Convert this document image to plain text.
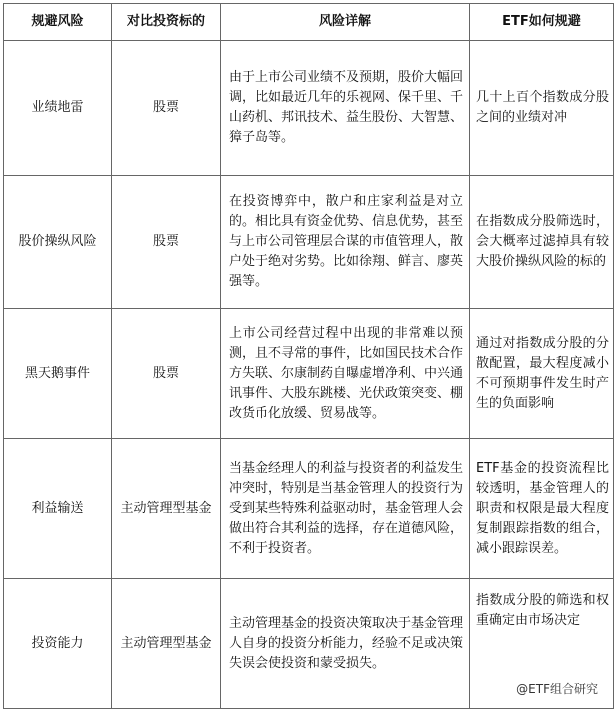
规避风险	对比投资标的	风险详解	ETF如何规避
业绩地雷	股票	由于上市公司业绩不及预期，股价大幅回调，比如最近几年的乐视网、保千里、千山药机、邦讯技术、益生股份、大智慧、獐子岛等。	几十上百个指数成分股之间的业绩对冲
股价操纵风险	股票	在投资博弈中，散户和庄家利益是对立的。相比具有资金优势、信息优势，甚至与上市公司管理层合谋的市值管理人，散户处于绝对劣势。比如徐翔、鲜言、廖英强等。	在指数成分股筛选时，会大概率过滤掉具有较大股价操纵风险的标的
黑天鹅事件	股票	上市公司经营过程中出现的非常难以预测，且不寻常的事件，比如国民技术合作方失联、尔康制药自曝虚增净利、中兴通讯事件、大股东跳楼、光伏政策突变、棚改货币化放缓、贸易战等。	通过对指数成分股的分散配置，最大程度减小不可预期事件发生时产生的负面影响
利益输送	主动管理型基金	当基金经理人的利益与投资者的利益发生冲突时，特别是当基金管理人的投资行为受到某些特殊利益驱动时，基金管理人会做出符合其利益的选择，存在道德风险，不利于投资者。	ETF基金的投资流程比较透明，基金管理人的职责和权限是最大程度复制跟踪指数的组合，减小跟踪误差。
投资能力	主动管理型基金	主动管理基金的投资决策取决于基金管理人自身的投资分析能力，经验不足或决策失误会使投资和蒙受损失。	指数成分股的筛选和权重确定由市场决定
@ETF组合研究
